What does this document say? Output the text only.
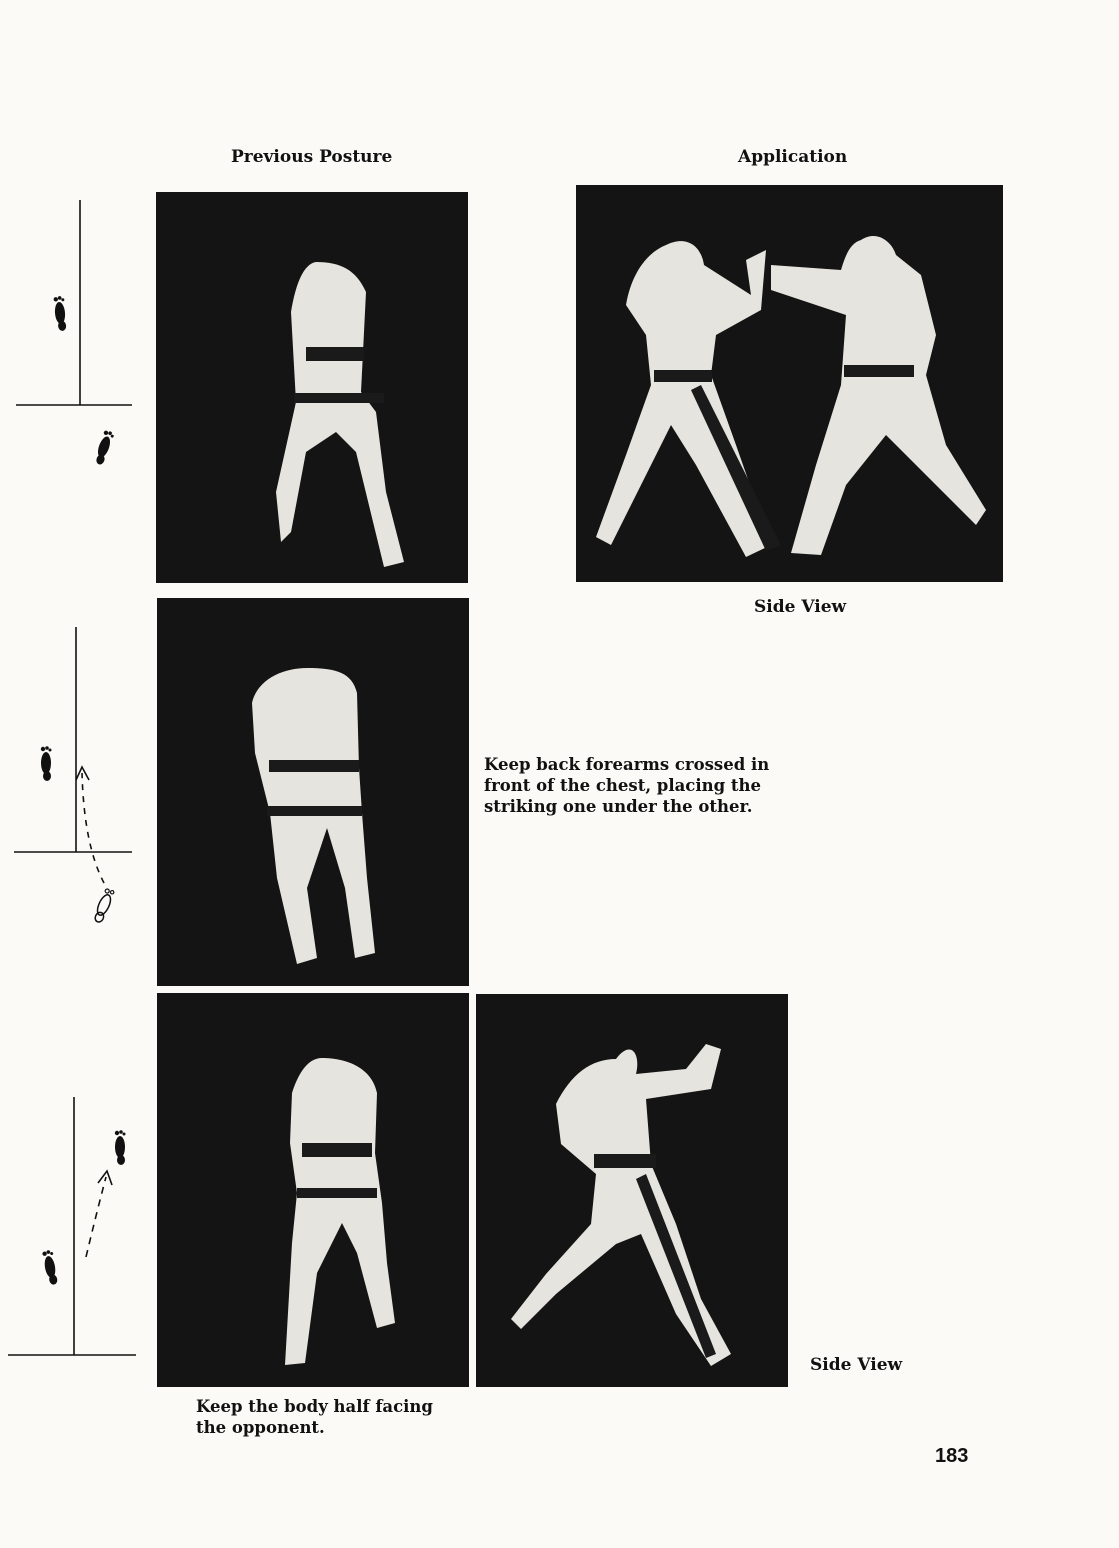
Previous Posture	Application
Side View
Keep back forearms crossed in front of the chest, placing the striking one under the other.
Side View
Keep the body half facing the opponent.
183
